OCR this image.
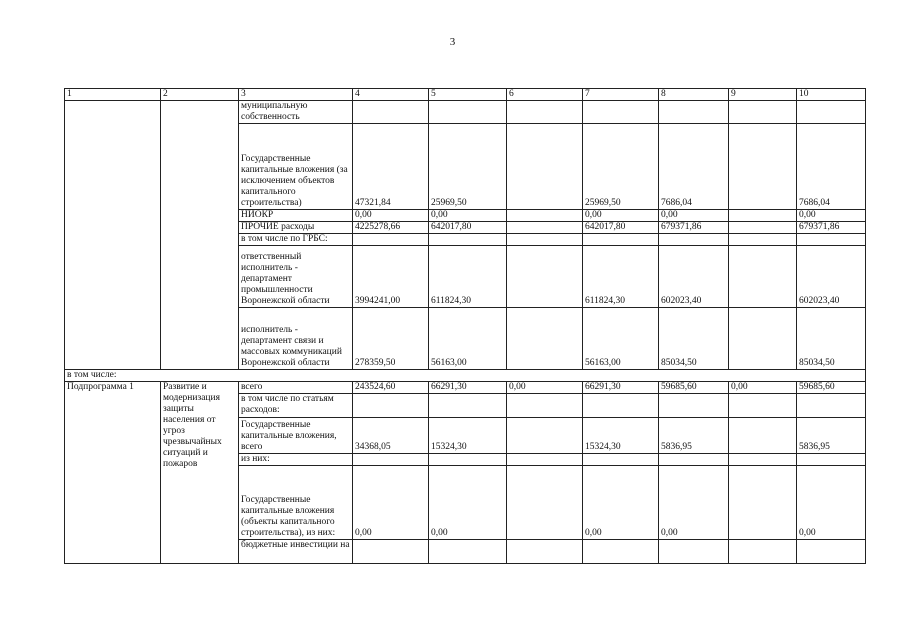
3
1	2	3	4	5	6	7	8	9	10
		муниципальную собственность							
		Государственные капитальные вложения (за исключением объектов капитального строительства)	47321,84	25969,50		25969,50	7686,04		7686,04
		НИОКР	0,00	0,00		0,00	0,00		0,00
		ПРОЧИЕ расходы	4225278,66	642017,80		642017,80	679371,86		679371,86
		в том числе по ГРБС:							
		ответственный исполнитель - департамент промышленности Воронежской области	3994241,00	611824,30		611824,30	602023,40		602023,40
		исполнитель - департамент связи и массовых коммуникаций Воронежской области	278359,50	56163,00		56163,00	85034,50		85034,50
в том числе:									
Подпрограмма 1	Развитие и модернизация защиты населения от угроз чрезвычайных ситуаций и пожаров	всего	243524,60	66291,30	0,00	66291,30	59685,60	0,00	59685,60
		в том числе по статьям расходов:							
		Государственные капитальные вложения, всего	34368,05	15324,30		15324,30	5836,95		5836,95
		из них:							
		Государственные капитальные вложения (объекты капитального строительства), из них:	0,00	0,00		0,00	0,00		0,00
		бюджетные инвестиции на							
